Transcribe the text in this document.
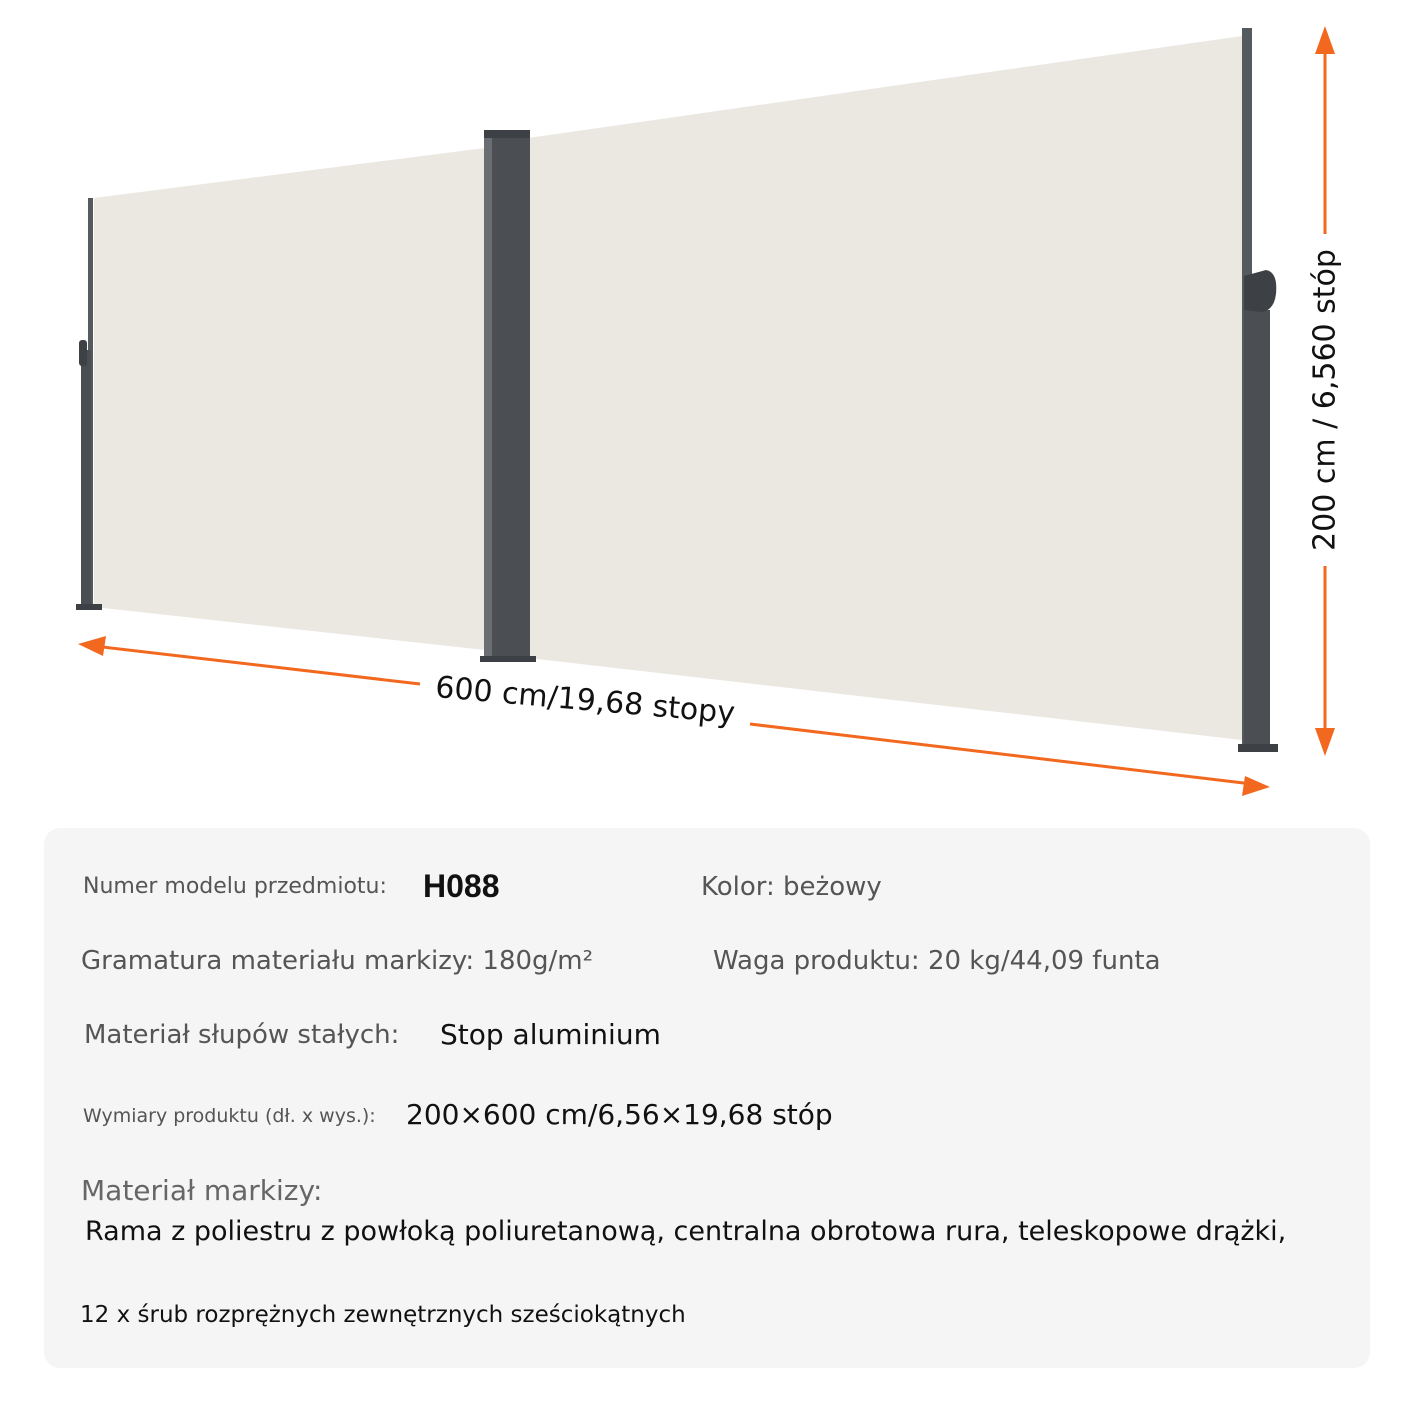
600 cm/19,68 stopy
200 cm / 6,560 stóp
Numer modelu przedmiotu: H088	Kolor: beżowy
Gramatura materiału markizy: 180g/m²	Waga produktu: 20 kg/44,09 funta
Materiał słupów stałych: Stop aluminium
Wymiary produktu (dł. x wys.): 200×600 cm/6,56×19,68 stóp
Materiał markizy:
Rama z poliestru z powłoką poliuretanową, centralna obrotowa rura, teleskopowe drążki,
12 x śrub rozprężnych zewnętrznych sześciokątnych
